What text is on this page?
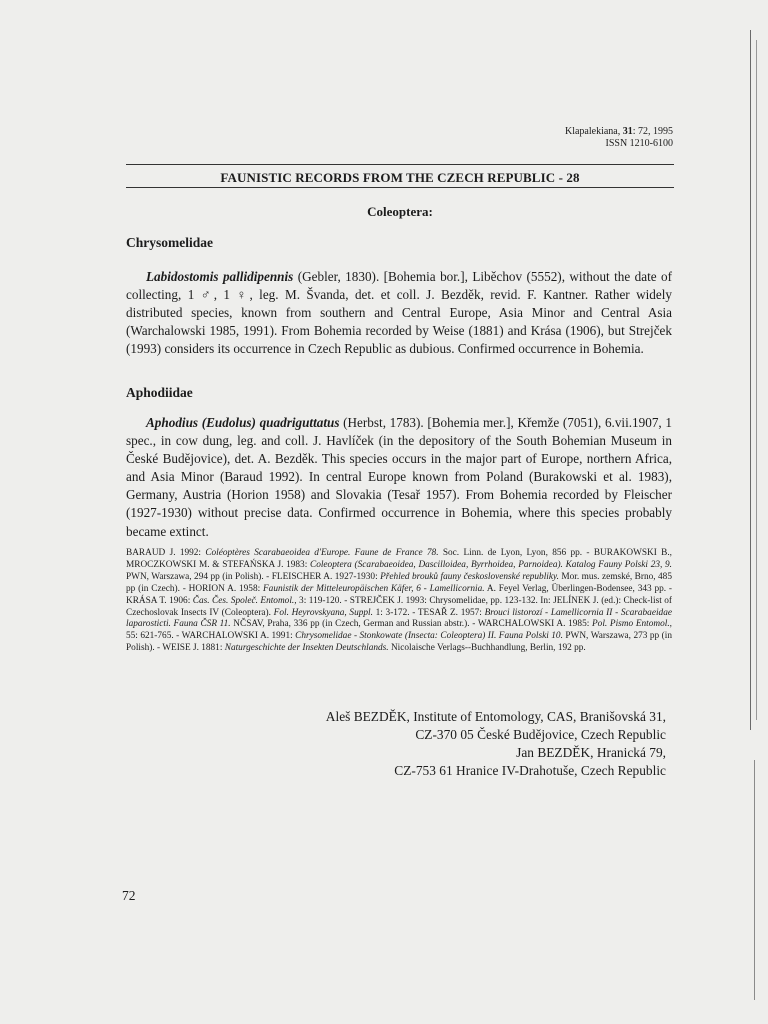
Klapalekiana, 31: 72, 1995
ISSN 1210-6100
FAUNISTIC RECORDS FROM THE CZECH REPUBLIC - 28
Coleoptera:
Chrysomelidae
Labidostomis pallidipennis (Gebler, 1830). [Bohemia bor.], Liběchov (5552), without the date of collecting, 1 ♂, 1 ♀, leg. M. Švanda, det. et coll. J. Bezděk, revid. F. Kantner. Rather widely distributed species, known from southern and Central Europe, Asia Minor and Central Asia (Warchalowski 1985, 1991). From Bohemia recorded by Weise (1881) and Krása (1906), but Strejček (1993) considers its occurrence in Czech Republic as dubious. Confirmed occurrence in Bohemia.
Aphodiidae
Aphodius (Eudolus) quadriguttatus (Herbst, 1783). [Bohemia mer.], Křemže (7051), 6.vii.1907, 1 spec., in cow dung, leg. and coll. J. Havlíček (in the depository of the South Bohemian Museum in České Budějovice), det. A. Bezděk. This species occurs in the major part of Europe, northern Africa, and Asia Minor (Baraud 1992). In central Europe known from Poland (Burakowski et al. 1983), Germany, Austria (Horion 1958) and Slovakia (Tesař 1957). From Bohemia recorded by Fleischer (1927-1930) without precise data. Confirmed occurrence in Bohemia, where this species probably became extinct.
BARAUD J. 1992: Coléoptères Scarabaeoidea d'Europe. Faune de France 78. Soc. Linn. de Lyon, Lyon, 856 pp. - BURAKOWSKI B., MROCZKOWSKI M. & STEFAŃSKA J. 1983: Coleoptera (Scarabaeoidea, Dascilloidea, Byrrhoidea, Parnoidea). Katalog Fauny Polski 23, 9. PWN, Warszawa, 294 pp (in Polish). - FLEISCHER A. 1927-1930: Přehled brouků fauny československé republiky. Mor. mus. zemské, Brno, 485 pp (in Czech). - HORION A. 1958: Faunistik der Mitteleuropäischen Käfer, 6 - Lamellicornia. A. Feyel Verlag, Überlingen-Bodensee, 343 pp. - KRÁSA T. 1906: Čas. Čes. Společ. Entomol., 3: 119-120. - STREJČEK J. 1993: Chrysomelidae, pp. 123-132. In: JELÍNEK J. (ed.): Check-list of Czechoslovak Insects IV (Coleoptera). Fol. Heyrovskyana, Suppl. 1: 3-172. - TESAŘ Z. 1957: Brouci listorozí - Lamellicornia II - Scarabaeidae laparosticti. Fauna ČSR 11. NČSAV, Praha, 336 pp (in Czech, German and Russian abstr.). - WARCHALOWSKI A. 1985: Pol. Pismo Entomol., 55: 621-765. - WARCHALOWSKI A. 1991: Chrysomelidae - Stonkowate (Insecta: Coleoptera) II. Fauna Polski 10. PWN, Warszawa, 273 pp (in Polish). - WEISE J. 1881: Naturgeschichte der Insekten Deutschlands. Nicolaische Verlags--Buchhandlung, Berlin, 192 pp.
Aleš BEZDĚK, Institute of Entomology, CAS, Branišovská 31,
CZ-370 05 České Budějovice, Czech Republic
Jan BEZDĚK, Hranická 79,
CZ-753 61 Hranice IV-Drahotuše, Czech Republic
72
